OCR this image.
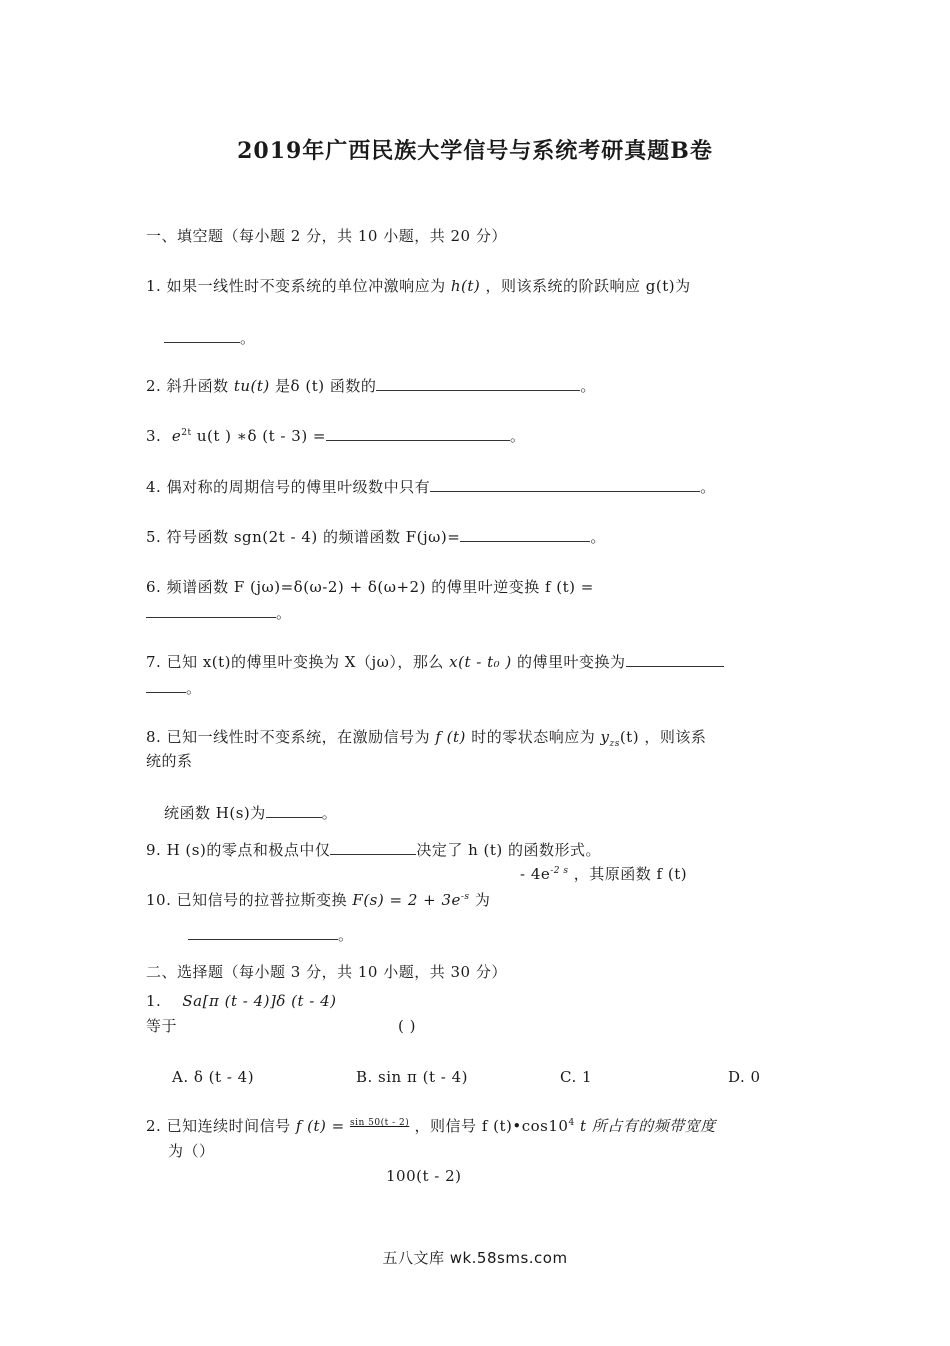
2019年广西民族大学信号与系统考研真题B卷
一、填空题（每小题 2 分，共 10 小题，共 20 分）
1. 如果一线性时不变系统的单位冲激响应为 h(t) ，则该系统的阶跃响应 g(t)为
。
2. 斜升函数 tu(t) 是δ (t) 函数的	。
3. $e^{2t}$ u(t ) ∗δ (t - 3) =	。
4. 偶对称的周期信号的傅里叶级数中只有	。
5. 符号函数 sgn(2t - 4) 的频谱函数 F(jω)=	。
6. 频谱函数 F (jω)=δ(ω-2) + δ(ω+2) 的傅里叶逆变换 f (t) =
。
7. 已知 x(t)的傅里叶变换为 X（jω），那么 x(t - t₀ ) 的傅里叶变换为
。
8. 已知一线性时不变系统，在激励信号为 f (t) 时的零状态响应为 $y_{zs}(t)$ ，则该系
统的系
统函数 H(s)为	。
9. H (s)的零点和极点中仅	决定了 h (t) 的函数形式。
- $4e^{-2 s}$ ，其原函数 f (t)
10. 已知信号的拉普拉斯变换 $F(s) = 2 + 3e^{-s}$ 为
。
二、选择题（每小题 3 分，共 10 小题，共 30 分）
1. Sa[π (t - 4)]δ (t - 4)
等于	( )
A. δ (t - 4)	B. sin π (t - 4)	C. 1	D. 0
2. 已知连续时间信号 f (t) = $^{sin 50(t - 2)}$ ，则信号 f $(t)•\cos 10^4$ t 所占有的频带宽度
为（）
100(t - 2)
五八文库 wk.58sms.com
